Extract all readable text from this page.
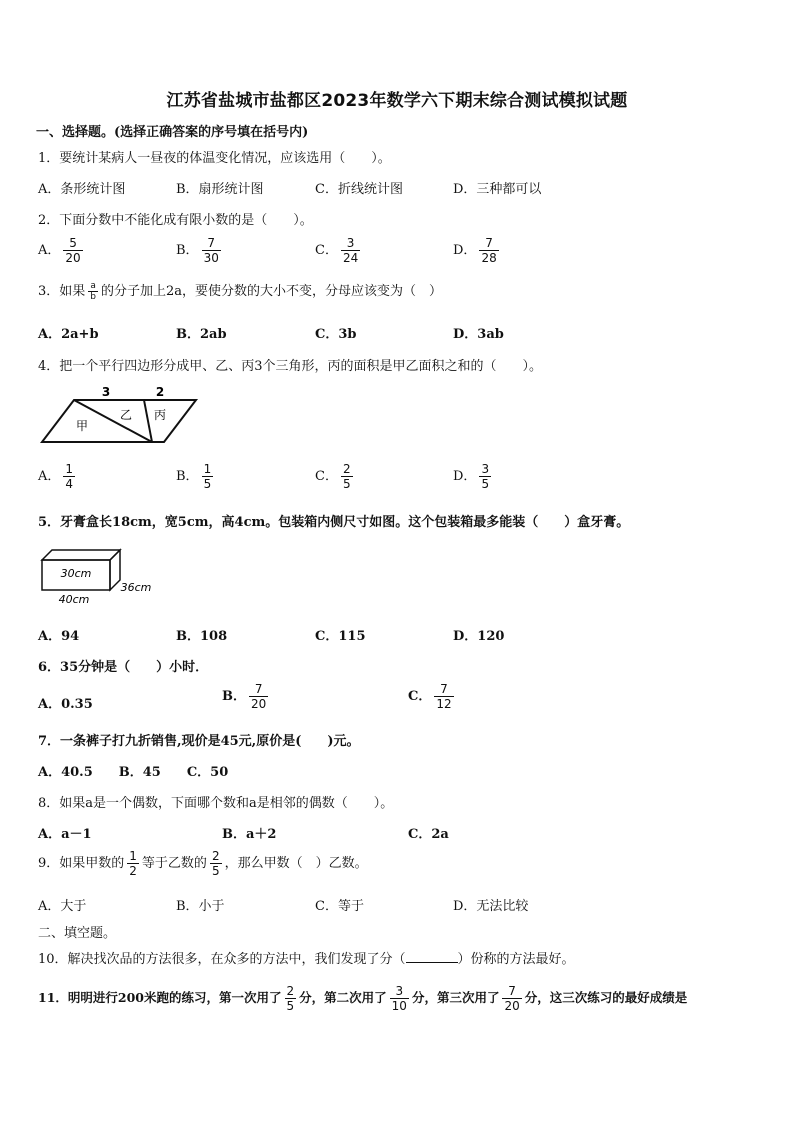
江苏省盐城市盐都区2023年数学六下期末综合测试模拟试题
一、选择题。(选择正确答案的序号填在括号内)
1．要统计某病人一昼夜的体温变化情况，应该选用（　　）。
A．条形统计图	B．扇形统计图	C．折线统计图	D．三种都可以
2．下面分数中不能化成有限小数的是（　　）。
A． $\frac{5}{20}$	B． $\frac{7}{30}$	C． $\frac{3}{24}$	D． $\frac{7}{28}$
3．如果 $\frac{a}{b}$ 的分子加上2a，要使分数的大小不变，分母应该变为（　）
A．2a+b	B．2ab	C．3b	D．3ab
4．把一个平行四边形分成甲、乙、丙3个三角形，丙的面积是甲乙面积之和的（　　）。
3	2
甲
乙 丙
A． $\frac{1}{4}$	B． $\frac{1}{5}$	C． $\frac{2}{5}$	D． $\frac{3}{5}$
5．牙膏盒长18cm，宽5cm，高4cm。包装箱内侧尺寸如图。这个包装箱最多能装（　　）盒牙膏。
30cm
36cm
40cm
A．94	B．108	C．115	D．120
6．35分钟是（　　）小时．
A．0.35
B． $\frac{7}{20}$	C． $\frac{7}{12}$
7．一条裤子打九折销售,现价是45元,原价是(　　)元。
A．40.5　　B．45　　C．50
8．如果a是一个偶数，下面哪个数和a是相邻的偶数（　　）。
A．a－1	B．a＋2	C．2a
9．如果甲数的 $\frac{1}{2}$ 等于乙数的 $\frac{2}{5}$ ，那么甲数（　）乙数。
A．大于	B．小于	C．等于	D．无法比较
二、填空题。
10．解决找次品的方法很多，在众多的方法中，我们发现了分（	）份称的方法最好。
11．明明进行200米跑的练习，第一次用了 $\frac{2}{5}$ 分，第二次用了 $\frac{3}{10}$ 分，第三次用了 $\frac{7}{20}$ 分，这三次练习的最好成绩是
